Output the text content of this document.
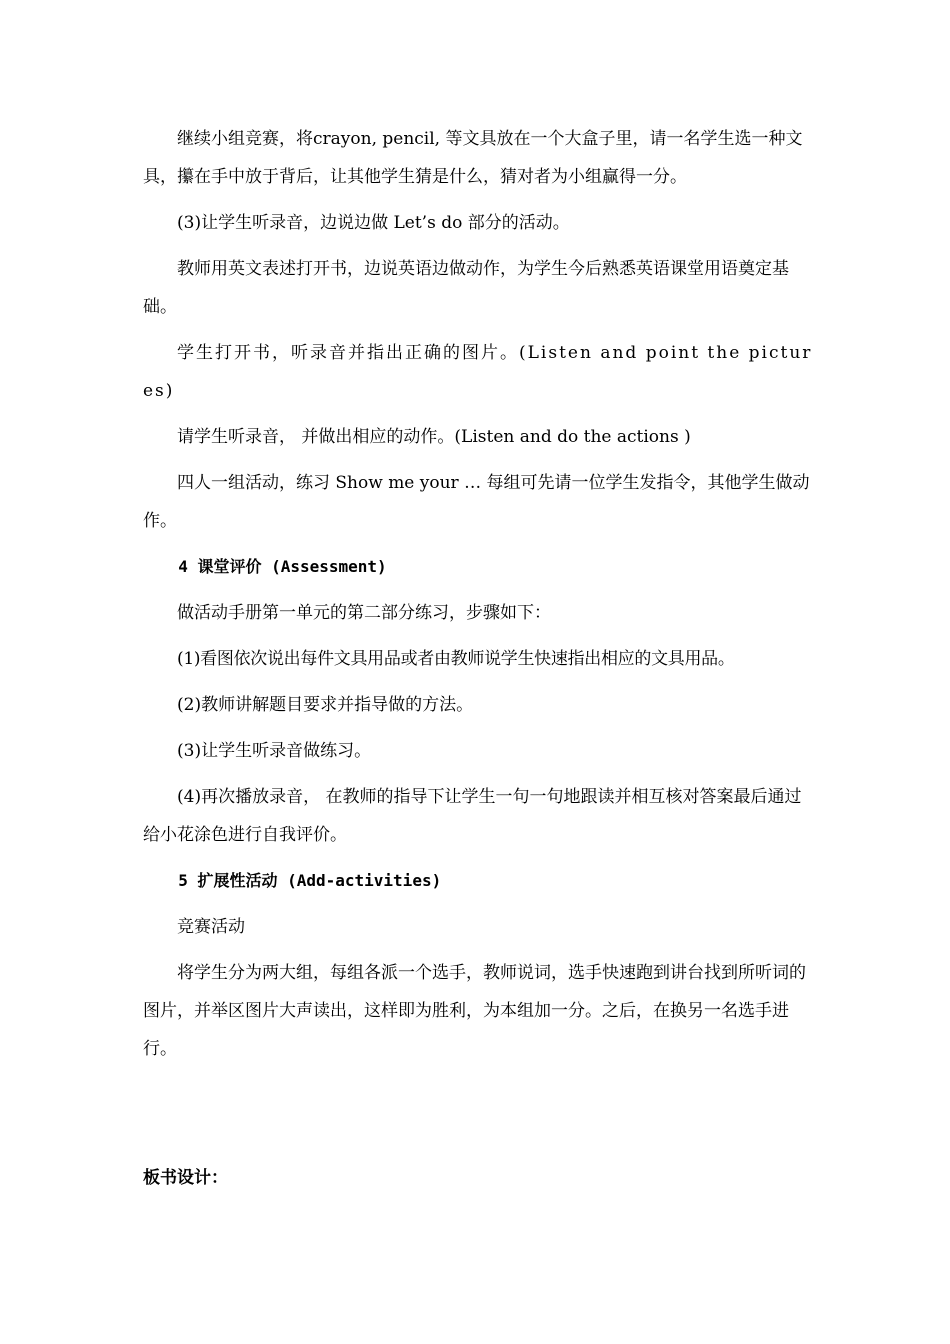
继续小组竞赛，将crayon, pencil, 等文具放在一个大盒子里，请一名学生选一种文具，攥在手中放于背后，让其他学生猜是什么，猜对者为小组赢得一分。

(3)让学生听录音，边说边做 Let’s do 部分的活动。

教师用英文表述打开书，边说英语边做动作，为学生今后熟悉英语课堂用语奠定基础。

学生打开书，听录音并指出正确的图片。(Listen and point the pictures)

请学生听录音， 并做出相应的动作。(Listen and do the actions )

四人一组活动，练习 Show me your … 每组可先请一位学生发指令，其他学生做动作。

4 课堂评价 (Assessment)

做活动手册第一单元的第二部分练习，步骤如下：

(1)看图依次说出每件文具用品或者由教师说学生快速指出相应的文具用品。

(2)教师讲解题目要求并指导做的方法。

(3)让学生听录音做练习。

(4)再次播放录音， 在教师的指导下让学生一句一句地跟读并相互核对答案最后通过给小花涂色进行自我评价。

5 扩展性活动 (Add-activities)

竞赛活动

将学生分为两大组，每组各派一个选手，教师说词，选手快速跑到讲台找到所听词的图片，并举区图片大声读出，这样即为胜利，为本组加一分。之后，在换另一名选手进行。

板书设计：
